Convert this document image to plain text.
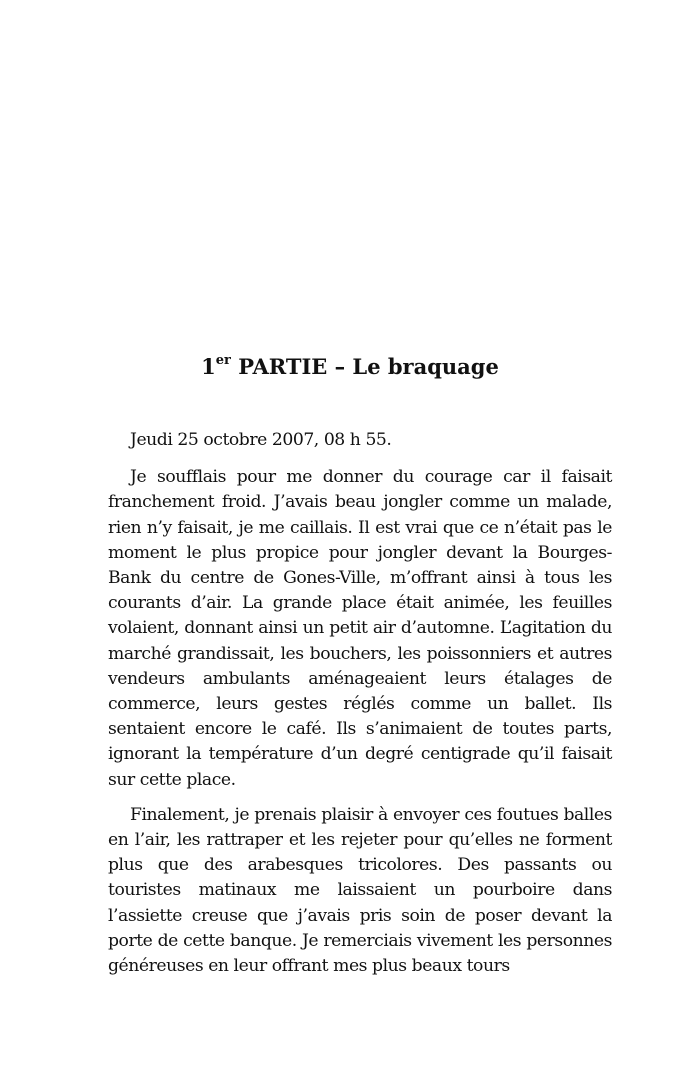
1er PARTIE – Le braquage

Jeudi 25 octobre 2007, 08 h 55.

Je soufflais pour me donner du courage car il faisait franchement froid. J’avais beau jongler comme un malade, rien n’y faisait, je me caillais. Il est vrai que ce n’était pas le moment le plus propice pour jongler devant la Bourges-Bank du centre de Gones-Ville, m’offrant ainsi à tous les courants d’air. La grande place était animée, les feuilles volaient, donnant ainsi un petit air d’automne. L’agitation du marché grandissait, les bouchers, les poissonniers et autres vendeurs ambulants aménageaient leurs étalages de commerce, leurs gestes réglés comme un ballet. Ils sentaient encore le café. Ils s’animaient de toutes parts, ignorant la température d’un degré centigrade qu’il faisait sur cette place.

Finalement, je prenais plaisir à envoyer ces foutues balles en l’air, les rattraper et les rejeter pour qu’elles ne forment plus que des arabesques tricolores. Des passants ou touristes matinaux me laissaient un pourboire dans l’assiette creuse que j’avais pris soin de poser devant la porte de cette banque. Je remerciais vivement les personnes généreuses en leur offrant mes plus beaux tours
